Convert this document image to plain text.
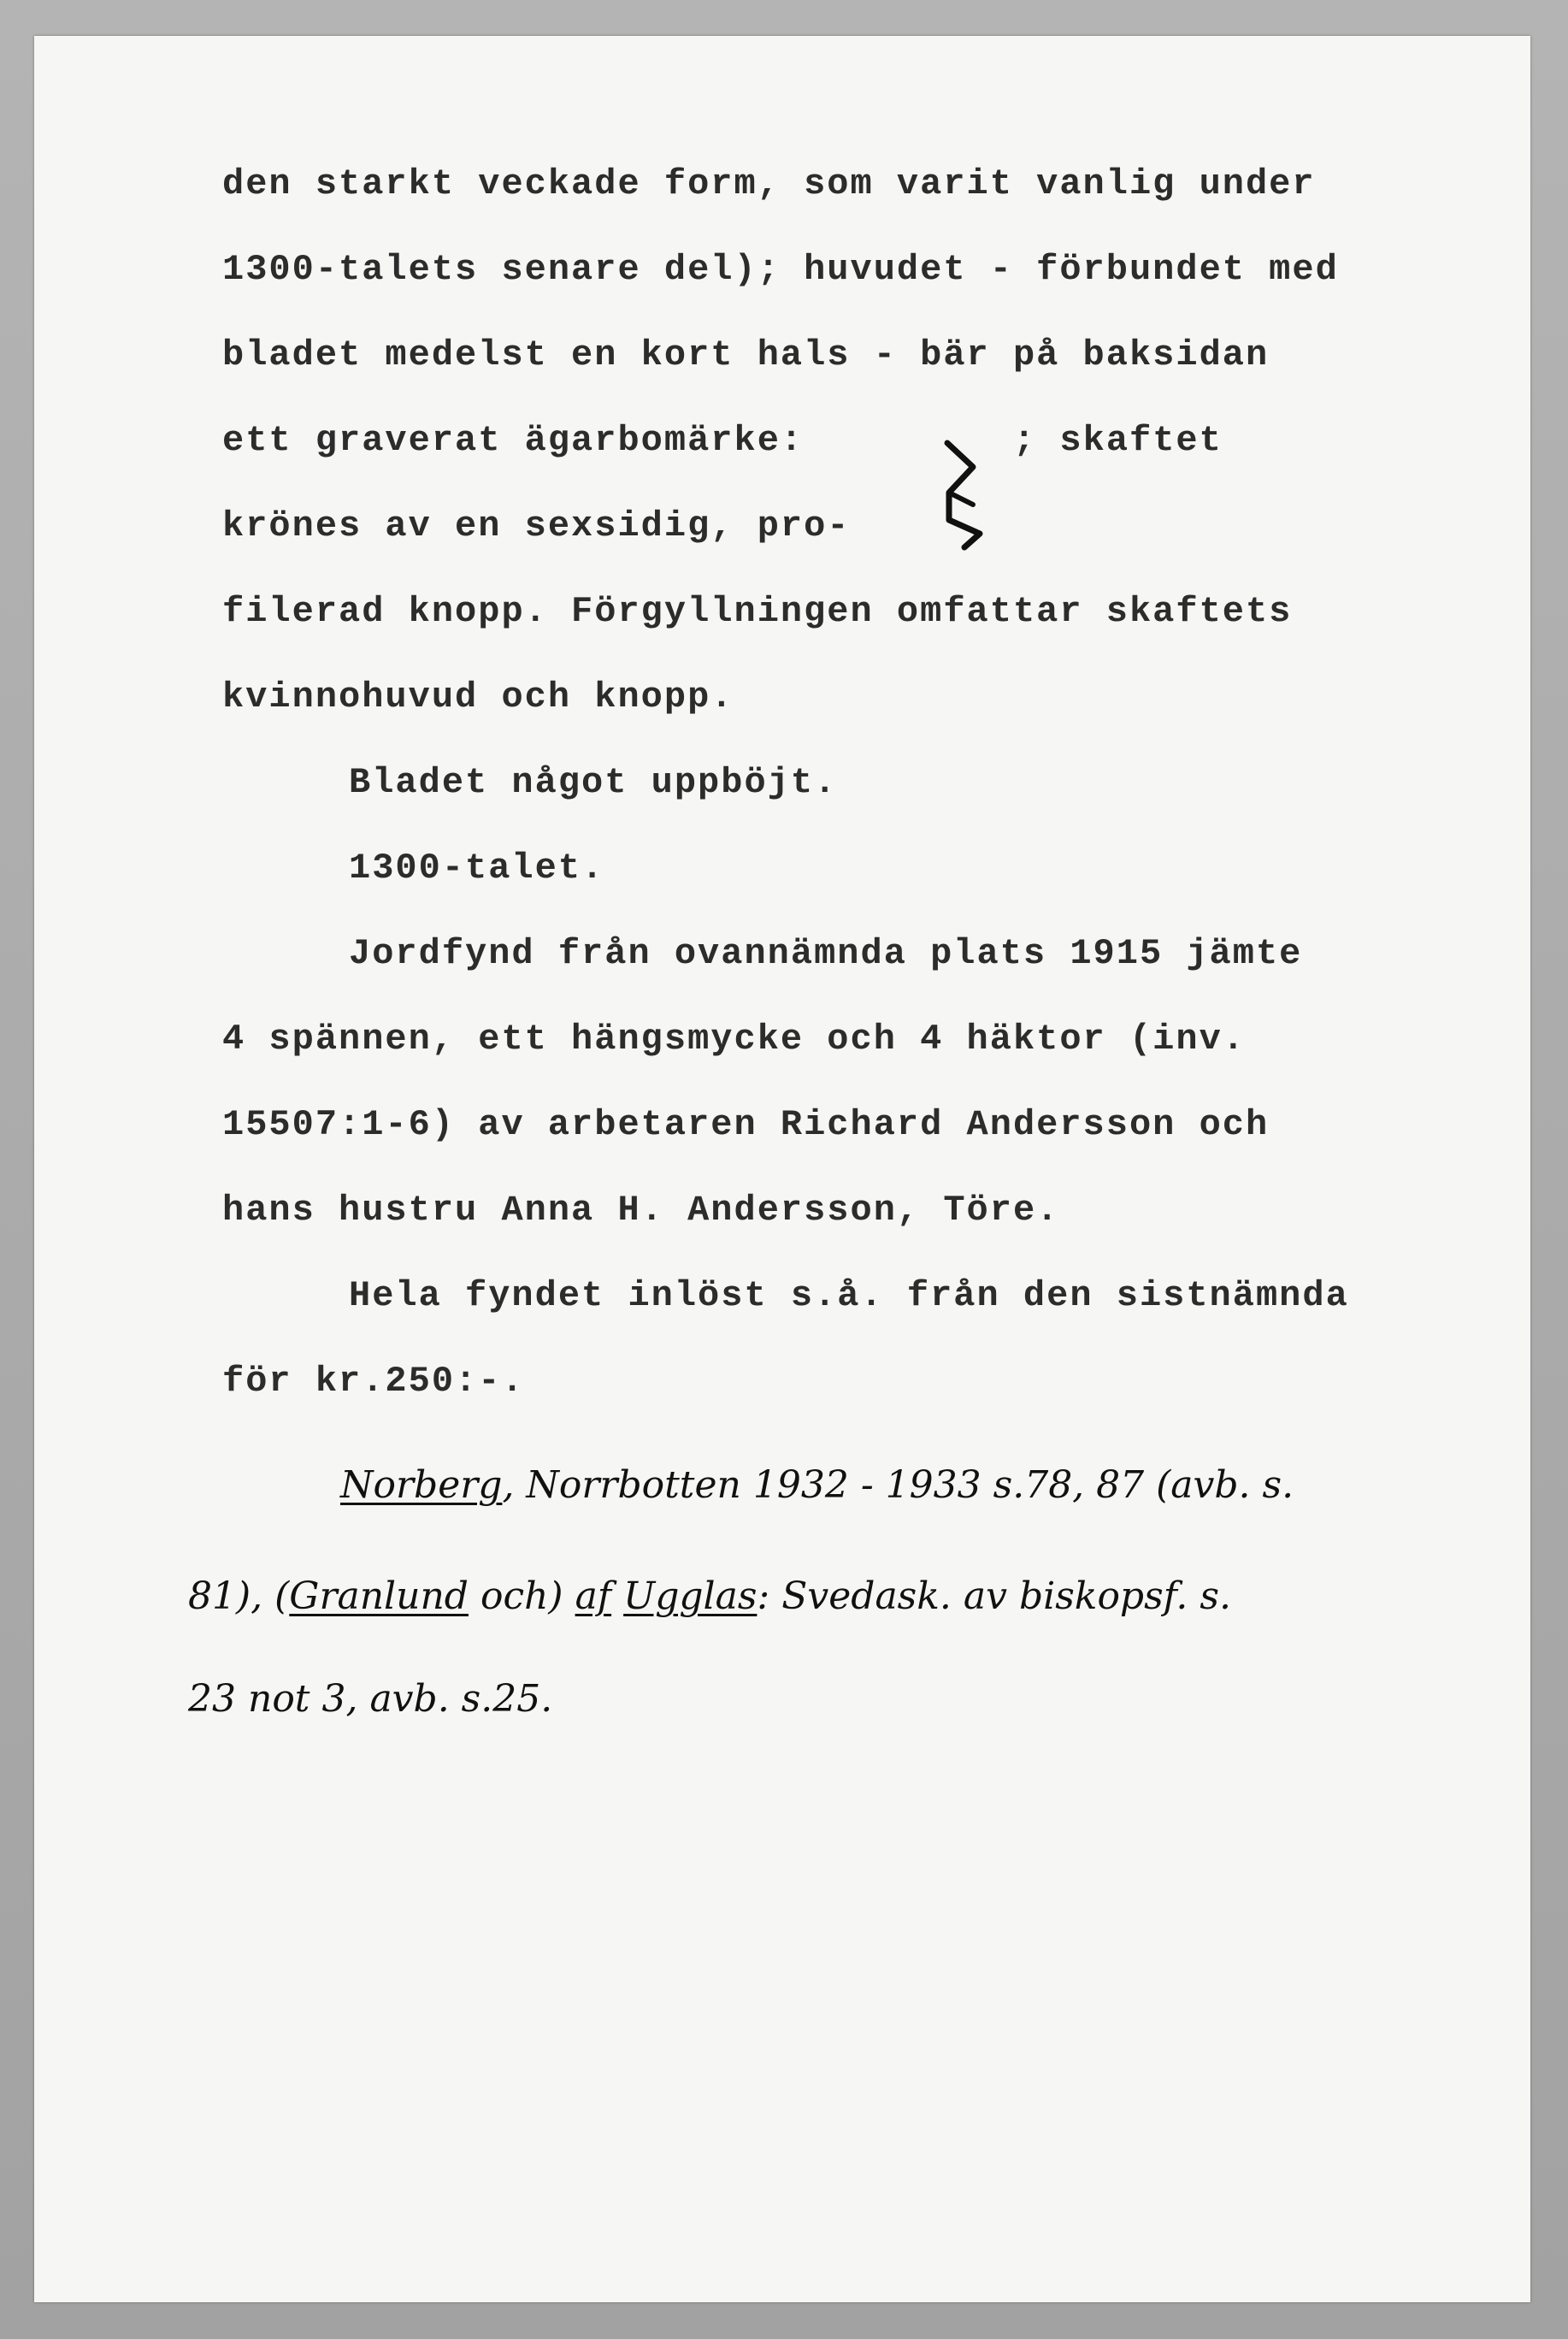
den starkt veckade form, som varit vanlig under
1300-talets senare del); huvudet - förbundet med
bladet medelst en kort hals - bär på baksidan
ett graverat ägarbomärke:	; skaftet
krönes av en sexsidig, pro-
filerad knopp. Förgyllningen omfattar skaftets
kvinnohuvud och knopp.
Bladet något uppböjt.
1300-talet.
Jordfynd från ovannämnda plats 1915 jämte
4 spännen, ett hängsmycke och 4 häktor (inv.
15507:1-6) av arbetaren Richard Andersson och
hans hustru Anna H. Andersson, Töre.
Hela fyndet inlöst s.å. från den sistnämnda
för kr.250:-.
Norberg, Norrbotten 1932 - 1933 s.78, 87 (avb. s.
81), (Granlund och) af Ugglas: Svedask. av biskopsf. s.
23 not 3, avb. s.25.
